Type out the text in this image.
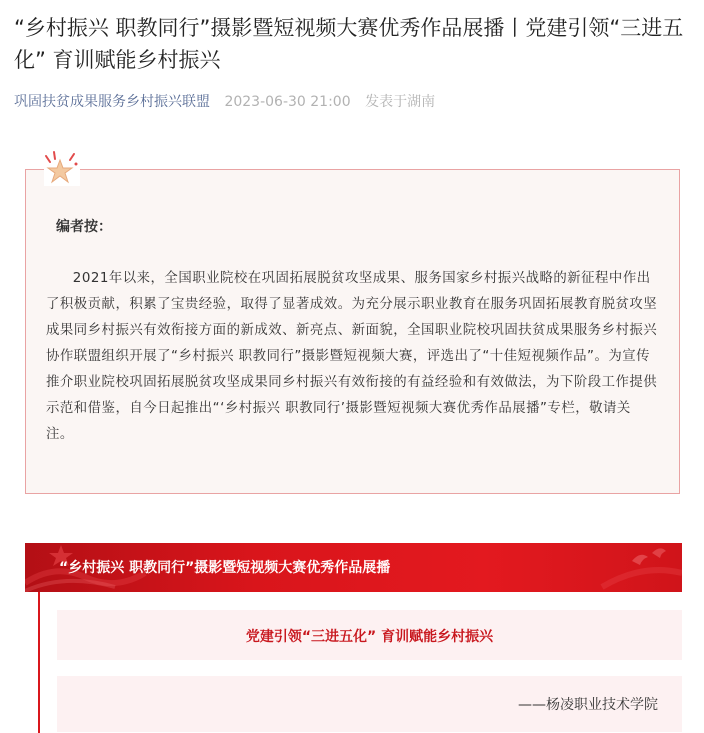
“乡村振兴 职教同行”摄影暨短视频大赛优秀作品展播丨党建引领“三进五化” 育训赋能乡村振兴
巩固扶贫成果服务乡村振兴联盟 2023-06-30 21:00 发表于湖南
编者按：

2021年以来，全国职业院校在巩固拓展脱贫攻坚成果、服务国家乡村振兴战略的新征程中作出了积极贡献，积累了宝贵经验，取得了显著成效。为充分展示职业教育在服务巩固拓展教育脱贫攻坚成果同乡村振兴有效衔接方面的新成效、新亮点、新面貌，全国职业院校巩固扶贫成果服务乡村振兴协作联盟组织开展了“乡村振兴 职教同行”摄影暨短视频大赛，评选出了“十佳短视频作品”。为宣传推介职业院校巩固拓展脱贫攻坚成果同乡村振兴有效衔接的有益经验和有效做法，为下阶段工作提供示范和借鉴，自今日起推出“‘乡村振兴 职教同行’摄影暨短视频大赛优秀作品展播”专栏，敬请关注。

“乡村振兴 职教同行”摄影暨短视频大赛优秀作品展播
党建引领“三进五化” 育训赋能乡村振兴
——杨凌职业技术学院
